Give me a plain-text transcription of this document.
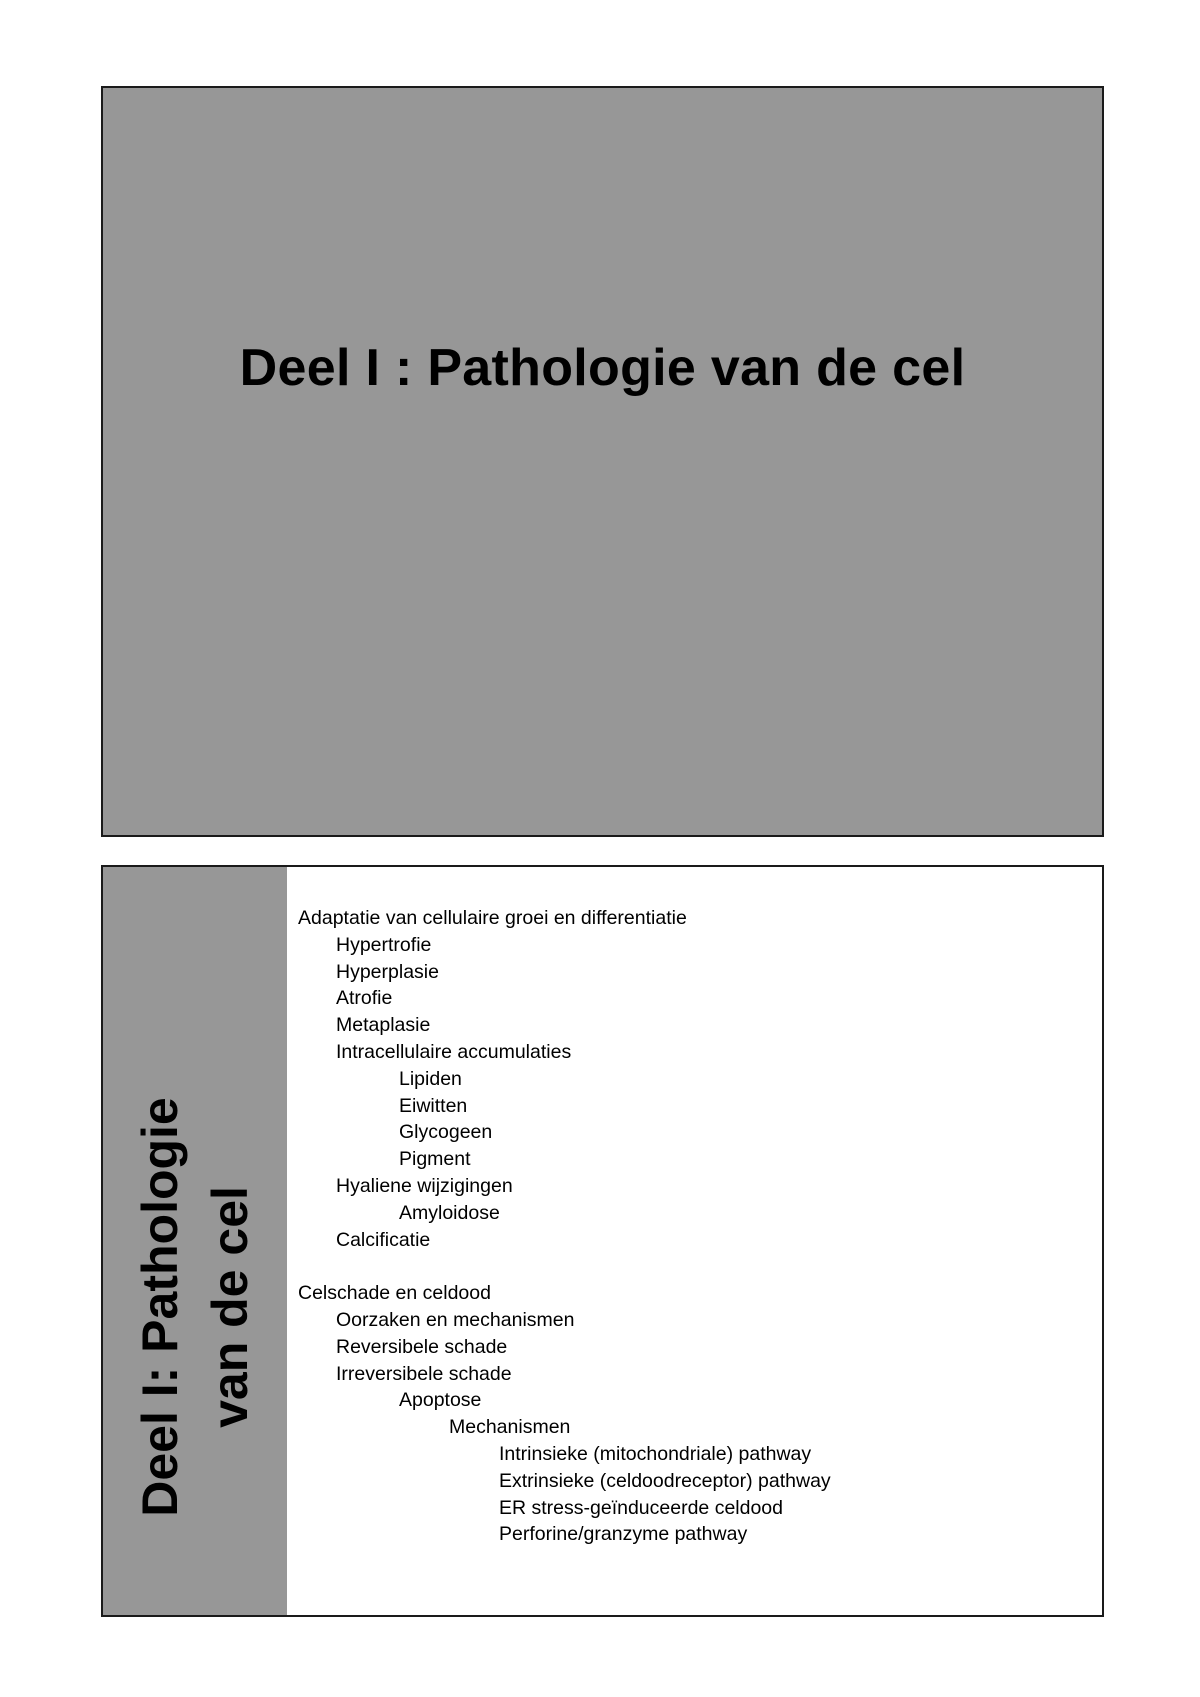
Deel I : Pathologie van de cel
Deel I: Pathologie van de cel
Adaptatie van cellulaire groei en differentiatie
Hypertrofie
Hyperplasie
Atrofie
Metaplasie
Intracellulaire accumulaties
Lipiden
Eiwitten
Glycogeen
Pigment
Hyaliene wijzigingen
Amyloidose
Calcificatie
Celschade en celdood
Oorzaken en mechanismen
Reversibele schade
Irreversibele schade
Apoptose
Mechanismen
Intrinsieke (mitochondriale) pathway
Extrinsieke (celdoodreceptor) pathway
ER stress-geïnduceerde celdood
Perforine/granzyme pathway
